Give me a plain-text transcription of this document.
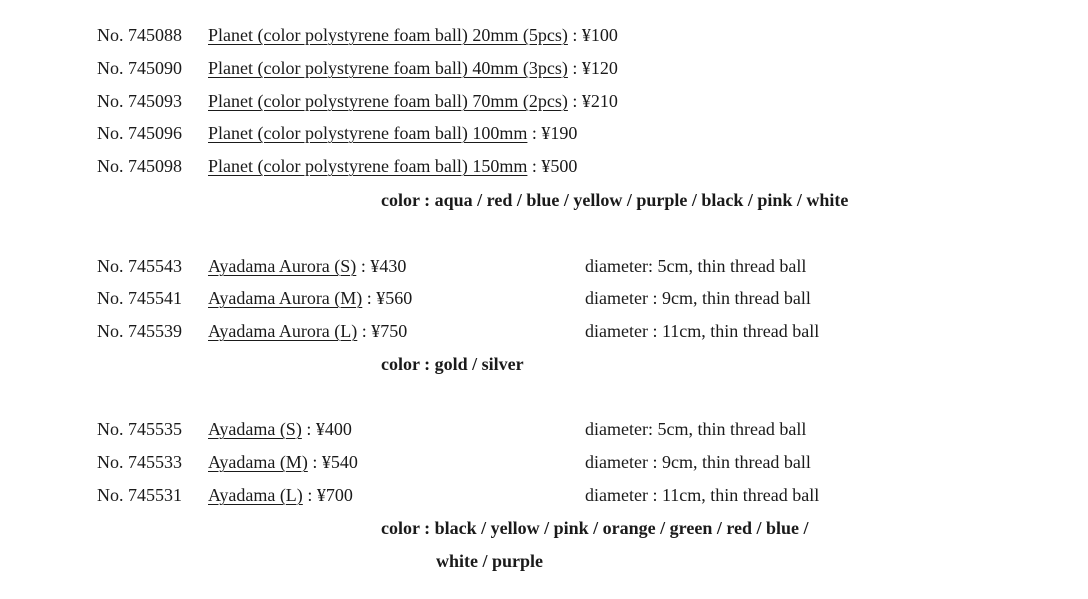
No. 745088 Planet (color polystyrene foam ball) 20mm (5pcs) : ¥100
No. 745090 Planet (color polystyrene foam ball) 40mm (3pcs) : ¥120
No. 745093 Planet (color polystyrene foam ball) 70mm (2pcs) : ¥210
No. 745096 Planet (color polystyrene foam ball) 100mm : ¥190
No. 745098 Planet (color polystyrene foam ball) 150mm : ¥500
color : aqua / red / blue / yellow / purple / black / pink / white
No. 745543 Ayadama Aurora (S) : ¥430	diameter: 5cm, thin thread ball
No. 745541 Ayadama Aurora (M) : ¥560	diameter : 9cm, thin thread ball
No. 745539 Ayadama Aurora (L) : ¥750	diameter : 11cm, thin thread ball
color : gold / silver
No. 745535 Ayadama (S) : ¥400	diameter: 5cm, thin thread ball
No. 745533 Ayadama (M) : ¥540	diameter : 9cm, thin thread ball
No. 745531 Ayadama (L) : ¥700	diameter : 11cm, thin thread ball
color : black / yellow / pink / orange / green / red / blue /
white / purple
